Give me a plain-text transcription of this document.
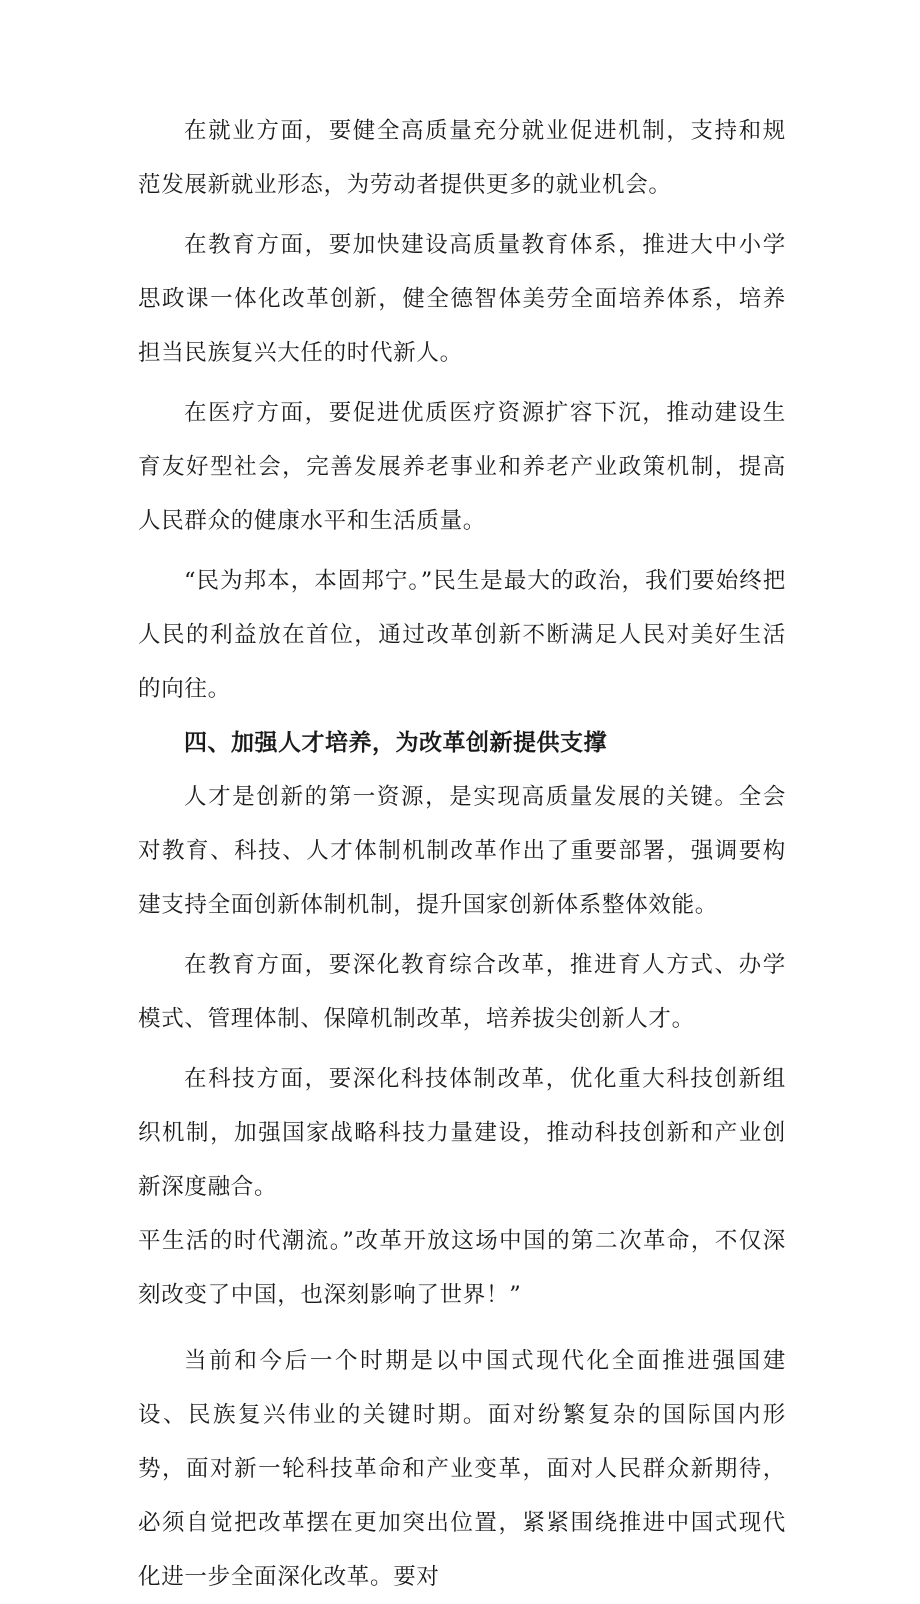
在就业方面，要健全高质量充分就业促进机制，支持和规范发展新就业形态，为劳动者提供更多的就业机会。

在教育方面，要加快建设高质量教育体系，推进大中小学思政课一体化改革创新，健全德智体美劳全面培养体系，培养担当民族复兴大任的时代新人。

在医疗方面，要促进优质医疗资源扩容下沉，推动建设生育友好型社会，完善发展养老事业和养老产业政策机制，提高人民群众的健康水平和生活质量。

“民为邦本，本固邦宁。”民生是最大的政治，我们要始终把人民的利益放在首位，通过改革创新不断满足人民对美好生活的向往。

四、加强人才培养，为改革创新提供支撑

人才是创新的第一资源，是实现高质量发展的关键。全会对教育、科技、人才体制机制改革作出了重要部署，强调要构建支持全面创新体制机制，提升国家创新体系整体效能。

在教育方面，要深化教育综合改革，推进育人方式、办学模式、管理体制、保障机制改革，培养拔尖创新人才。

在科技方面，要深化科技体制改革，优化重大科技创新组织机制，加强国家战略科技力量建设，推动科技创新和产业创新深度融合。

平生活的时代潮流。”改革开放这场中国的第二次革命，不仅深刻改变了中国，也深刻影响了世界！”

当前和今后一个时期是以中国式现代化全面推进强国建设、民族复兴伟业的关键时期。面对纷繁复杂的国际国内形势，面对新一轮科技革命和产业变革，面对人民群众新期待，必须自觉把改革摆在更加突出位置，紧紧围绕推进中国式现代化进一步全面深化改革。要对
